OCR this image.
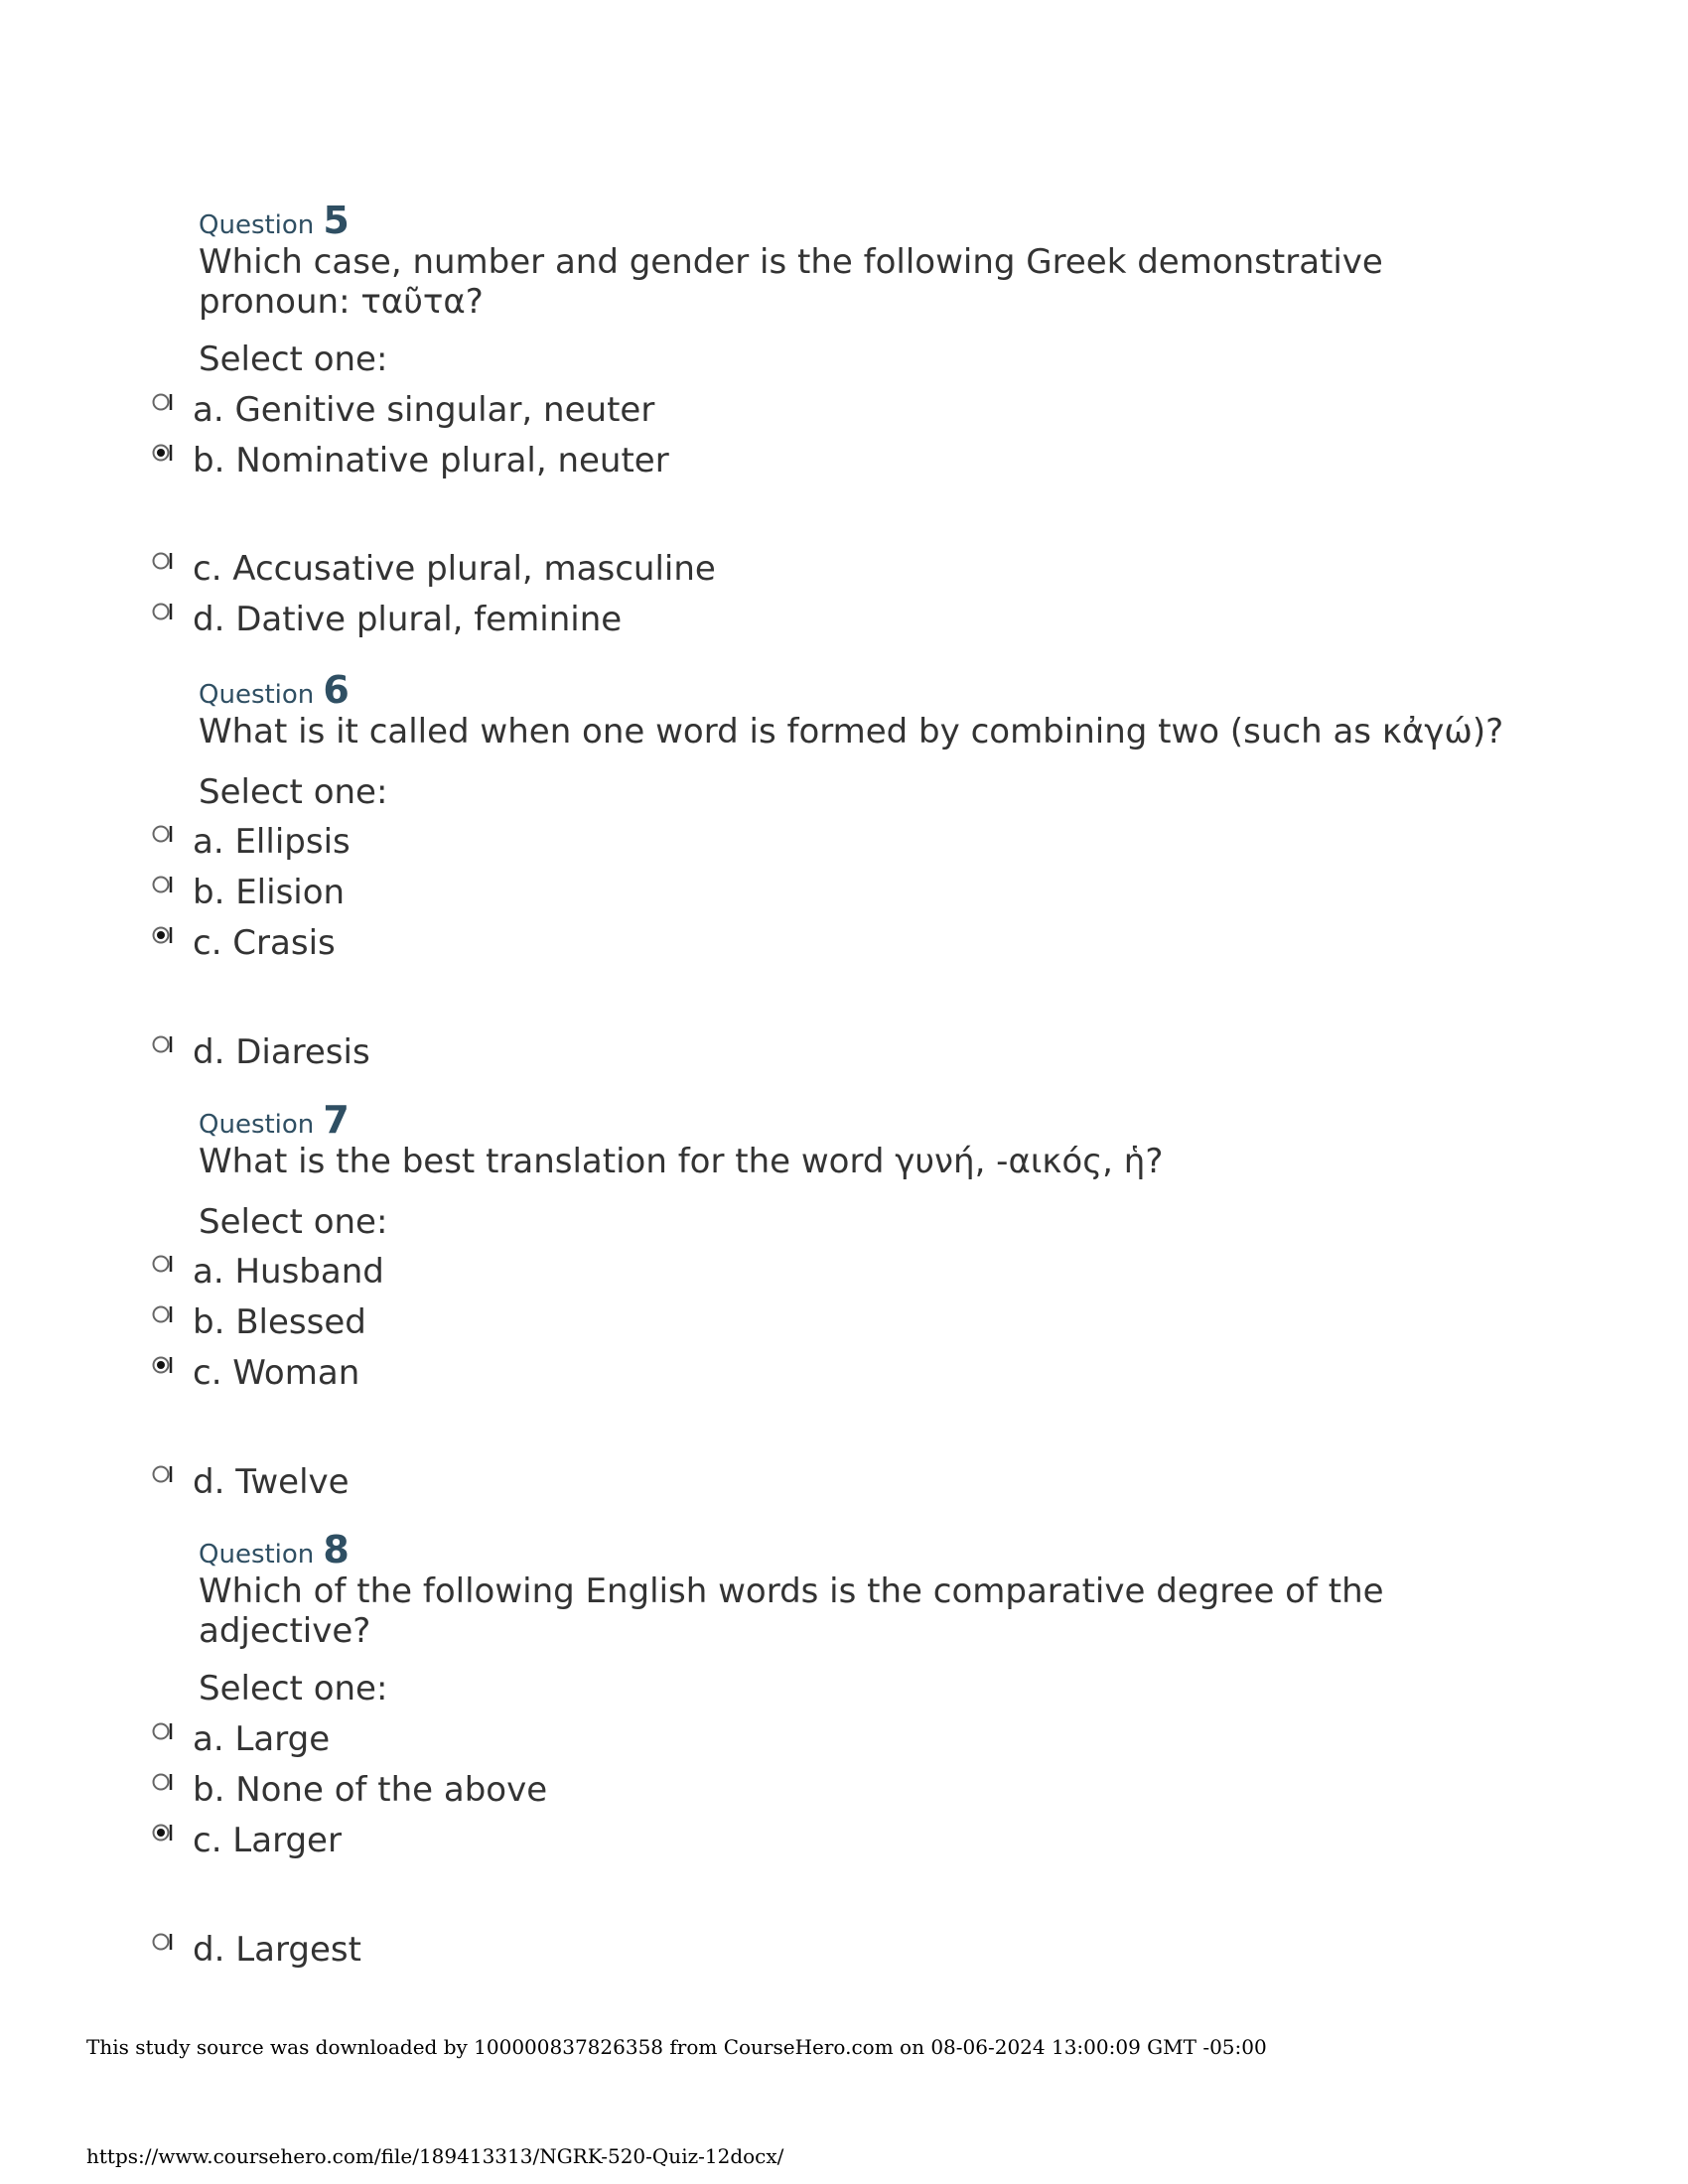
Question 5
Which case, number and gender is the following Greek demonstrative pronoun: ταῦτα?
Select one:
a. Genitive singular, neuter
b. Nominative plural, neuter
c. Accusative plural, masculine
d. Dative plural, feminine
Question 6
What is it called when one word is formed by combining two (such as κἀγώ)?
Select one:
a. Ellipsis
b. Elision
c. Crasis
d. Diaresis
Question 7
What is the best translation for the word γυνή, -αικός, ἡ?
Select one:
a. Husband
b. Blessed
c. Woman
d. Twelve
Question 8
Which of the following English words is the comparative degree of the adjective?
Select one:
a. Large
b. None of the above
c. Larger
d. Largest
This study source was downloaded by 100000837826358 from CourseHero.com on 08-06-2024 13:00:09 GMT -05:00
https://www.coursehero.com/file/189413313/NGRK-520-Quiz-12docx/
